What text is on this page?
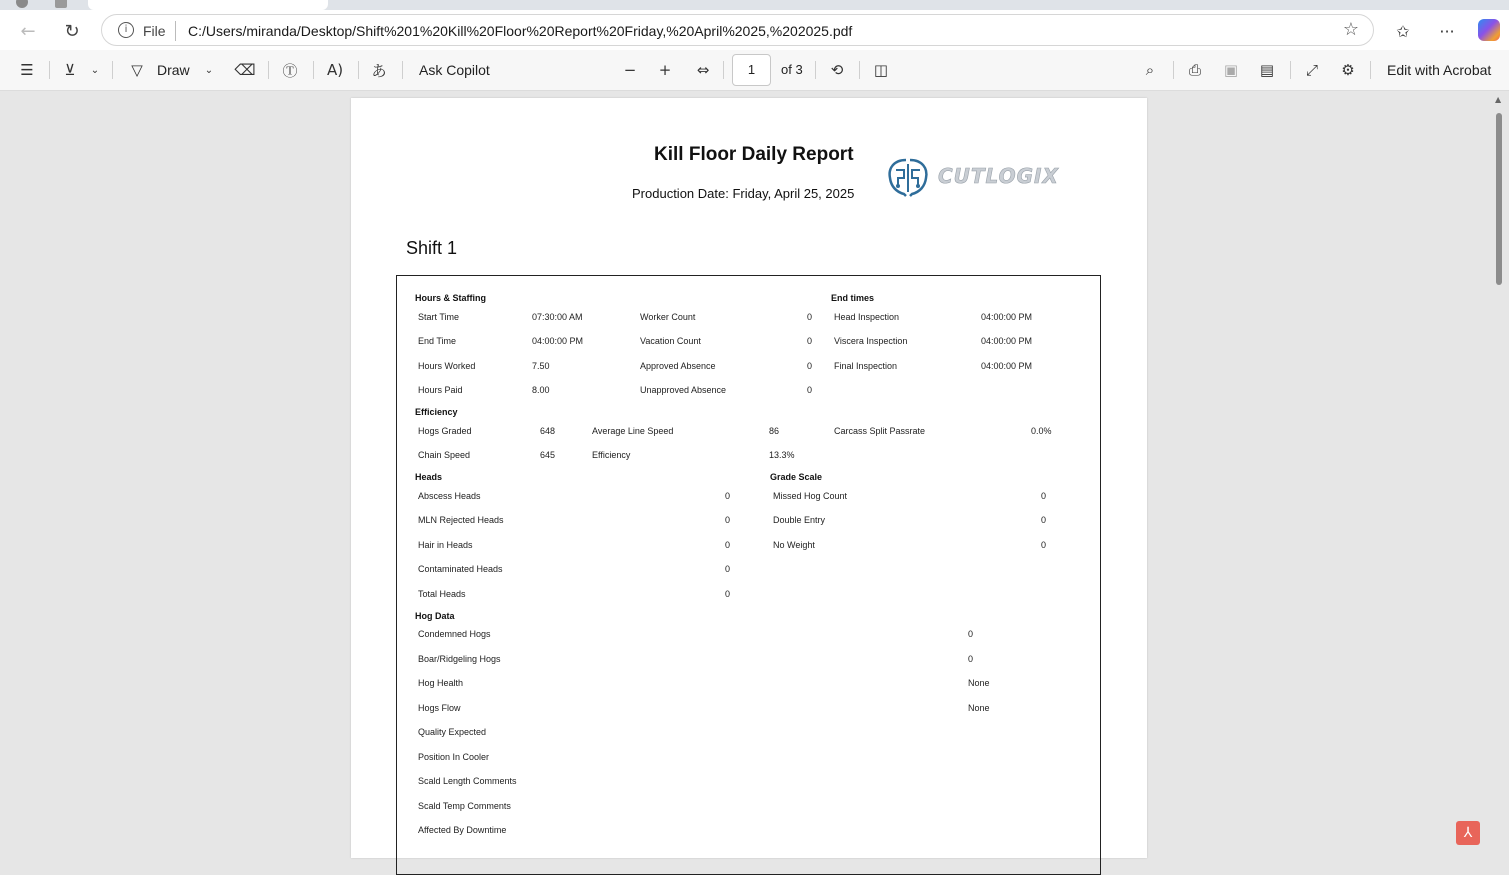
←	↻	i	File C:/Users/miranda/Desktop/Shift%201%20Kill%20Floor%20Report%20Friday,%20April%2025,%202025.pdf	☆	✩	···
☰	⊻	⌄	▽	Draw	⌄	⌫ Ⓣ	A) あ	Ask Copilot	−	+	⇔	1	of 3	⟲	◫	⌕	⎙	▣	▤	⤢	⚙	Edit with Acrobat
Kill Floor Daily Report
Production Date: Friday, April 25, 2025
CUTLOGIX
Shift 1
Hours & Staffing
Start Time	07:30:00 AM	Worker Count	0
End Time	04:00:00 PM	Vacation Count	0
Hours Worked	7.50	Approved Absence	0
Hours Paid	8.00	Unapproved Absence	0
End times
Head Inspection	04:00:00 PM
Viscera Inspection	04:00:00 PM
Final Inspection	04:00:00 PM
Efficiency
Hogs Graded	648	Average Line Speed	86	Carcass Split Passrate	0.0%
Chain Speed	645	Efficiency	13.3%
Heads
Abscess Heads	0
MLN Rejected Heads	0
Hair in Heads	0
Contaminated Heads	0
Total Heads	0
Grade Scale
Missed Hog Count	0
Double Entry	0
No Weight	0
Hog Data
Condemned Hogs	0
Boar/Ridgeling Hogs	0
Hog Health	None
Hogs Flow	None
Quality Expected
Position In Cooler
Scald Length Comments
Scald Temp Comments
Affected By Downtime
▲
⅄
